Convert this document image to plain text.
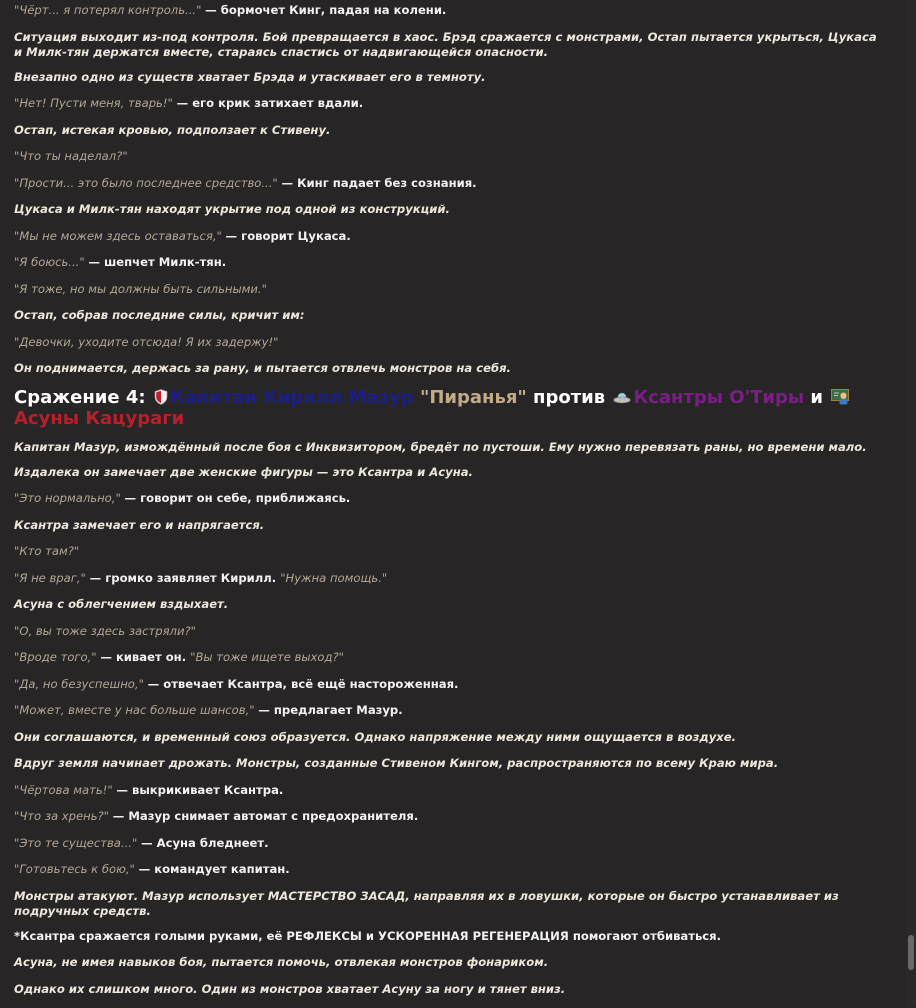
"Чёрт... я потерял контроль..." — бормочет Кинг, падая на колени.
Ситуация выходит из-под контроля. Бой превращается в хаос. Брэд сражается с монстрами, Остап пытается укрыться, Цукаса и Милк-тян держатся вместе, стараясь спастись от надвигающейся опасности.
Внезапно одно из существ хватает Брэда и утаскивает его в темноту.
"Нет! Пусти меня, тварь!" — его крик затихает вдали.
Остап, истекая кровью, подползает к Стивену.
"Что ты наделал?"
"Прости... это было последнее средство..." — Кинг падает без сознания.
Цукаса и Милк-тян находят укрытие под одной из конструкций.
"Мы не можем здесь оставаться," — говорит Цукаса.
"Я боюсь..." — шепчет Милк-тян.
"Я тоже, но мы должны быть сильными."
Остап, собрав последние силы, кричит им:
"Девочки, уходите отсюда! Я их задержу!"
Он поднимается, держась за рану, и пытается отвлечь монстров на себя.
Сражение 4: Капитан Кирилл Мазур "Пиранья" против Ксантры О'Тиры и Асуны Кацураги
Капитан Мазур, измождённый после боя с Инквизитором, бредёт по пустоши. Ему нужно перевязать раны, но времени мало.
Издалека он замечает две женские фигуры — это Ксантра и Асуна.
"Это нормально," — говорит он себе, приближаясь.
Ксантра замечает его и напрягается.
"Кто там?"
"Я не враг," — громко заявляет Кирилл. "Нужна помощь."
Асуна с облегчением вздыхает.
"О, вы тоже здесь застряли?"
"Вроде того," — кивает он. "Вы тоже ищете выход?"
"Да, но безуспешно," — отвечает Ксантра, всё ещё настороженная.
"Может, вместе у нас больше шансов," — предлагает Мазур.
Они соглашаются, и временный союз образуется. Однако напряжение между ними ощущается в воздухе.
Вдруг земля начинает дрожать. Монстры, созданные Стивеном Кингом, распространяются по всему Краю мира.
"Чёртова мать!" — выкрикивает Ксантра.
"Что за хрень?" — Мазур снимает автомат с предохранителя.
"Это те существа..." — Асуна бледнеет.
"Готовьтесь к бою," — командует капитан.
Монстры атакуют. Мазур использует МАСТЕРСТВО ЗАСАД, направляя их в ловушки, которые он быстро устанавливает из подручных средств.
*Ксантра сражается голыми руками, её РЕФЛЕКСЫ и УСКОРЕННАЯ РЕГЕНЕРАЦИЯ помогают отбиваться.
Асуна, не имея навыков боя, пытается помочь, отвлекая монстров фонариком.
Однако их слишком много. Один из монстров хватает Асуну за ногу и тянет вниз.
